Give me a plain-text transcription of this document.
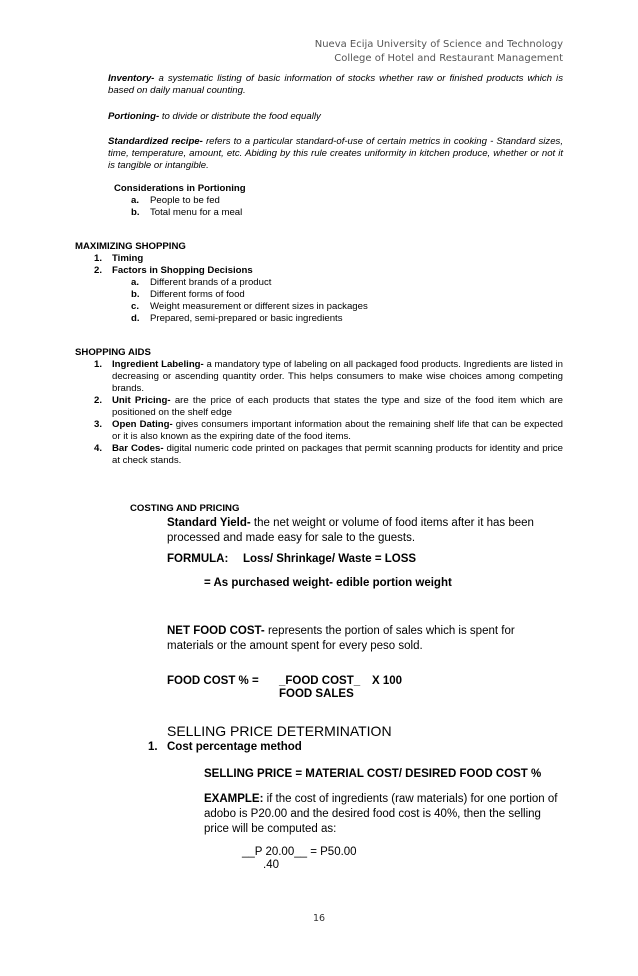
Nueva Ecija University of Science and Technology
College of Hotel and Restaurant Management
Inventory- a systematic listing of basic information of stocks whether raw or finished products which is based on daily manual counting.
Portioning- to divide or distribute the food equally
Standardized recipe- refers to a particular standard-of-use of certain metrics in cooking - Standard sizes, time, temperature, amount, etc. Abiding by this rule creates uniformity in kitchen produce, whether or not it is tangible or intangible.
Considerations in Portioning
a. People to be fed
b. Total menu for a meal
MAXIMIZING SHOPPING
1. Timing
2. Factors in Shopping Decisions
a. Different brands of a product
b. Different forms of food
c. Weight measurement or different sizes in packages
d. Prepared, semi-prepared or basic ingredients
SHOPPING AIDS
1.	Ingredient Labeling- a mandatory type of labeling on all packaged food products. Ingredients are listed in decreasing or ascending quantity order. This helps consumers to make wise choices among competing brands.
2.	Unit Pricing- are the price of each products that states the type and size of the food item which are positioned on the shelf edge
3.	Open Dating- gives consumers important information about the remaining shelf life that can be expected or it is also known as the expiring date of the food items.
4.	Bar Codes- digital numeric code printed on packages that permit scanning products for identity and price at check stands.
COSTING AND PRICING
Standard Yield- the net weight or volume of food items after it has been processed and made easy for sale to the guests.
FORMULA: Loss/ Shrinkage/ Waste = LOSS
= As purchased weight- edible portion weight
NET FOOD COST- represents the portion of sales which is spent for materials or the amount spent for every peso sold.
FOOD COST % = _FOOD COST_ X 100
FOOD SALES
SELLING PRICE DETERMINATION
1. Cost percentage method
SELLING PRICE = MATERIAL COST/ DESIRED FOOD COST %
EXAMPLE: if the cost of ingredients (raw materials) for one portion of adobo is P20.00 and the desired food cost is 40%, then the selling price will be computed as:
__P 20.00__ = P50.00
.40
16
